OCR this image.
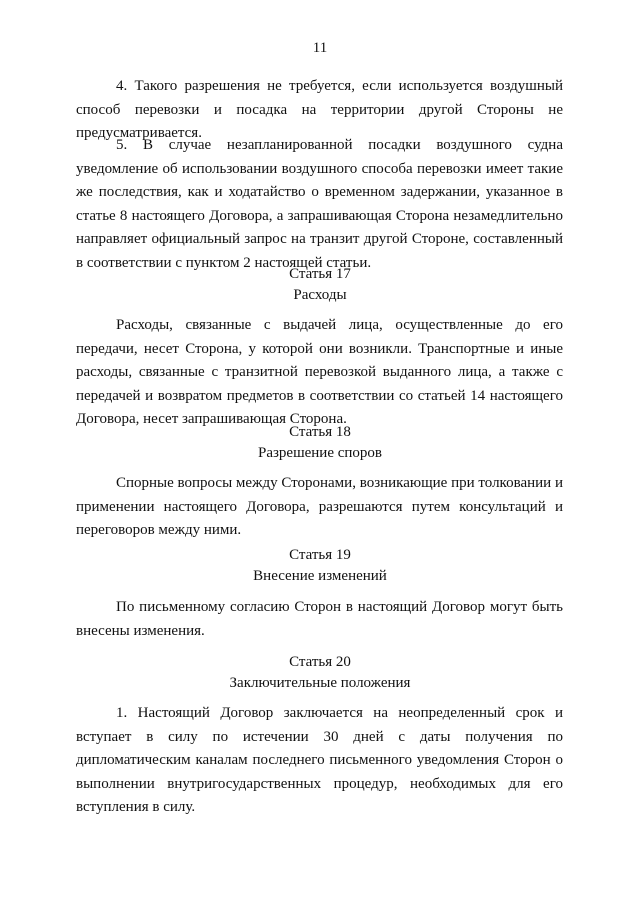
11
4. Такого разрешения не требуется, если используется воздушный способ перевозки и посадка на территории другой Стороны не предусматривается.
5. В случае незапланированной посадки воздушного судна уведомление об использовании воздушного способа перевозки имеет такие же последствия, как и ходатайство о временном задержании, указанное в статье 8 настоящего Договора, а запрашивающая Сторона незамедлительно направляет официальный запрос на транзит другой Стороне, составленный в соответствии с пунктом 2 настоящей статьи.
Статья 17
Расходы
Расходы, связанные с выдачей лица, осуществленные до его передачи, несет Сторона, у которой они возникли. Транспортные и иные расходы, связанные с транзитной перевозкой выданного лица, а также с передачей и возвратом предметов в соответствии со статьей 14 настоящего Договора, несет запрашивающая Сторона.
Статья 18
Разрешение споров
Спорные вопросы между Сторонами, возникающие при толковании и применении настоящего Договора, разрешаются путем консультаций и переговоров между ними.
Статья 19
Внесение изменений
По письменному согласию Сторон в настоящий Договор могут быть внесены изменения.
Статья 20
Заключительные положения
1. Настоящий Договор заключается на неопределенный срок и вступает в силу по истечении 30 дней с даты получения по дипломатическим каналам последнего письменного уведомления Сторон о выполнении внутригосударственных процедур, необходимых для его вступления в силу.
